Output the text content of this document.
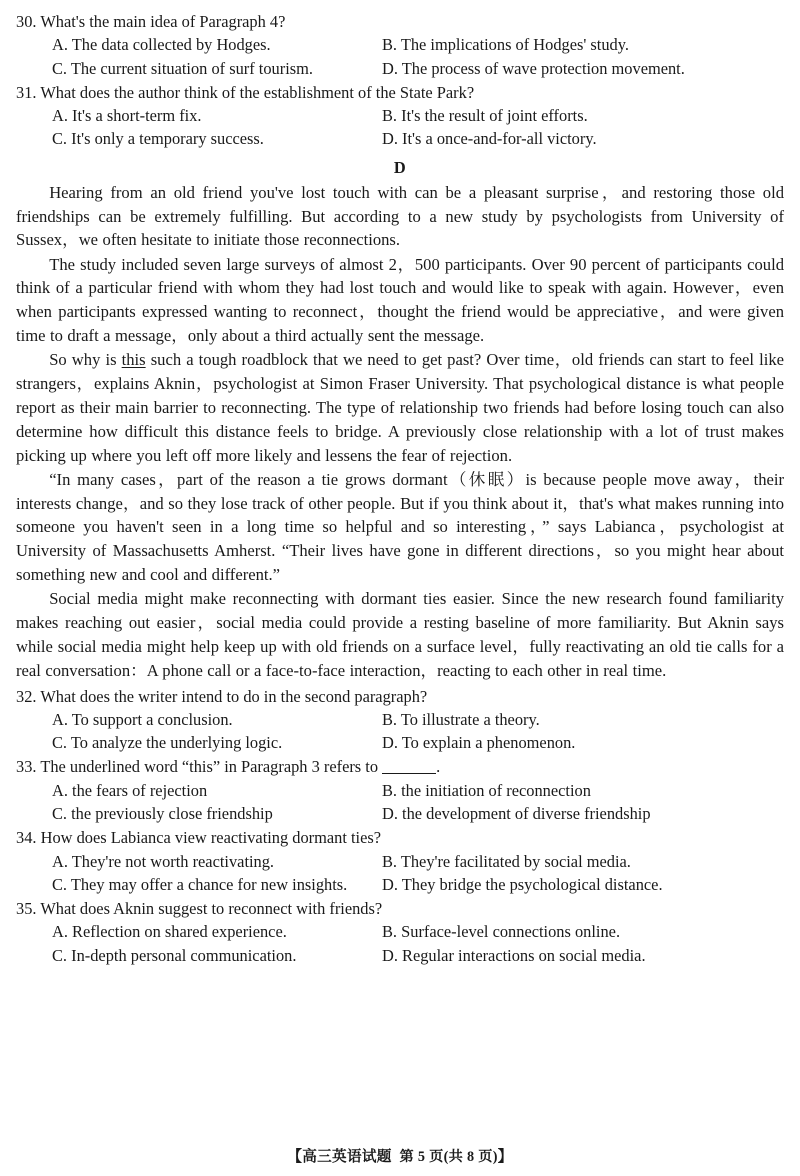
30. What's the main idea of Paragraph 4?
A. The data collected by Hodges.	B. The implications of Hodges' study.
C. The current situation of surf tourism.	D. The process of wave protection movement.
31. What does the author think of the establishment of the State Park?
A. It's a short-term fix.	B. It's the result of joint efforts.
C. It's only a temporary success.	D. It's a once-and-for-all victory.
D

Hearing from an old friend you've lost touch with can be a pleasant surprise，and restoring those old friendships can be extremely fulfilling. But according to a new study by psychologists from University of Sussex，we often hesitate to initiate those reconnections.

The study included seven large surveys of almost 2，500 participants. Over 90 percent of participants could think of a particular friend with whom they had lost touch and would like to speak with again. However，even when participants expressed wanting to reconnect，thought the friend would be appreciative，and were given time to draft a message，only about a third actually sent the message.

So why is this such a tough roadblock that we need to get past? Over time，old friends can start to feel like strangers，explains Aknin，psychologist at Simon Fraser University. That psychological distance is what people report as their main barrier to reconnecting. The type of relationship two friends had before losing touch can also determine how difficult this distance feels to bridge. A previously close relationship with a lot of trust makes picking up where you left off more likely and lessens the fear of rejection.

“In many cases，part of the reason a tie grows dormant（休眠）is because people move away，their interests change，and so they lose track of other people. But if you think about it，that's what makes running into someone you haven't seen in a long time so helpful and so interesting，” says Labianca，psychologist at University of Massachusetts Amherst. “Their lives have gone in different directions，so you might hear about something new and cool and different.”

Social media might make reconnecting with dormant ties easier. Since the new research found familiarity makes reaching out easier，social media could provide a resting baseline of more familiarity. But Aknin says while social media might help keep up with old friends on a surface level，fully reactivating an old tie calls for a real conversation：A phone call or a face-to-face interaction，reacting to each other in real time.

32. What does the writer intend to do in the second paragraph?
A. To support a conclusion.	B. To illustrate a theory.
C. To analyze the underlying logic.	D. To explain a phenomenon.
33. The underlined word “this” in Paragraph 3 refers to	.
A. the fears of rejection	B. the initiation of reconnection
C. the previously close friendship	D. the development of diverse friendship
34. How does Labianca view reactivating dormant ties?
A. They're not worth reactivating.	B. They're facilitated by social media.
C. They may offer a chance for new insights.	D. They bridge the psychological distance.
35. What does Aknin suggest to reconnect with friends?
A. Reflection on shared experience.	B. Surface-level connections online.
C. In-depth personal communication.	D. Regular interactions on social media.
【高三英语试题 第 5 页(共 8 页)】
